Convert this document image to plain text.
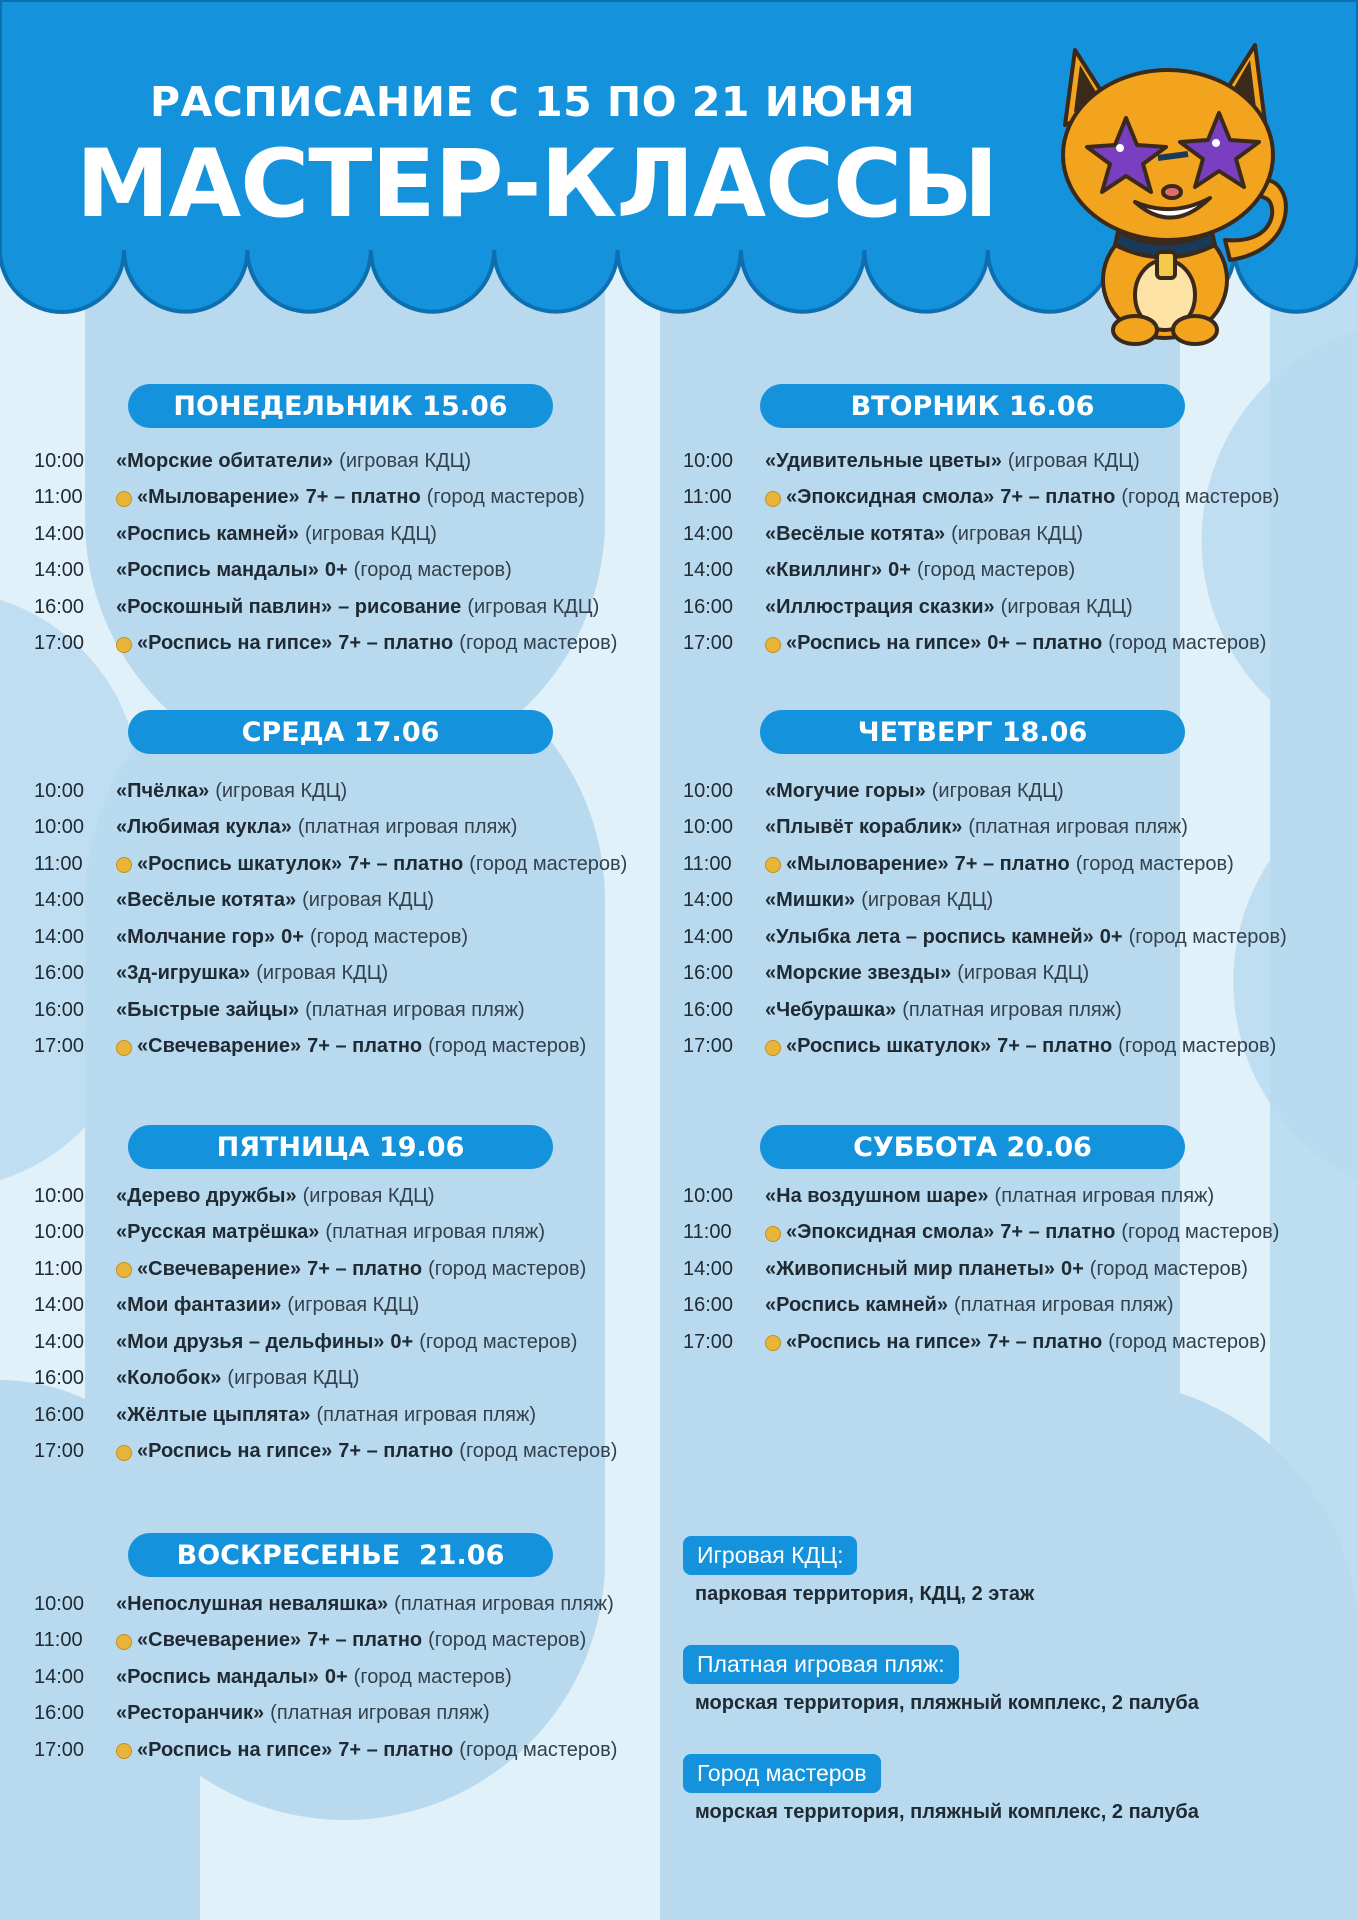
РАСПИСАНИЕ С 15 ПО 21 ИЮНЯ
МАСТЕР-КЛАССЫ
ПОНЕДЕЛЬНИК 15.06
10:00	«Морские обитатели» (игровая КДЦ)
11:00	«Мыловарение» 7+ – платно (город мастеров)
14:00	«Роспись камней» (игровая КДЦ)
14:00	«Роспись мандалы» 0+ (город мастеров)
16:00	«Роскошный павлин» – рисование (игровая КДЦ)
17:00	«Роспись на гипсе» 7+ – платно (город мастеров)
ВТОРНИК 16.06
10:00	«Удивительные цветы» (игровая КДЦ)
11:00	«Эпоксидная смола» 7+ – платно (город мастеров)
14:00	«Весёлые котята» (игровая КДЦ)
14:00	«Квиллинг» 0+ (город мастеров)
16:00	«Иллюстрация сказки» (игровая КДЦ)
17:00	«Роспись на гипсе» 0+ – платно (город мастеров)
СРЕДА 17.06
10:00	«Пчёлка» (игровая КДЦ)
10:00	«Любимая кукла» (платная игровая пляж)
11:00	«Роспись шкатулок» 7+ – платно (город мастеров)
14:00	«Весёлые котята» (игровая КДЦ)
14:00	«Молчание гор» 0+ (город мастеров)
16:00	«3д-игрушка» (игровая КДЦ)
16:00	«Быстрые зайцы» (платная игровая пляж)
17:00	«Свечеварение» 7+ – платно (город мастеров)
ЧЕТВЕРГ 18.06
10:00	«Могучие горы» (игровая КДЦ)
10:00	«Плывёт кораблик» (платная игровая пляж)
11:00	«Мыловарение» 7+ – платно (город мастеров)
14:00	«Мишки» (игровая КДЦ)
14:00	«Улыбка лета – роспись камней» 0+ (город мастеров)
16:00	«Морские звезды» (игровая КДЦ)
16:00	«Чебурашка» (платная игровая пляж)
17:00	«Роспись шкатулок» 7+ – платно (город мастеров)
ПЯТНИЦА 19.06
10:00	«Дерево дружбы» (игровая КДЦ)
10:00	«Русская матрёшка» (платная игровая пляж)
11:00	«Свечеварение» 7+ – платно (город мастеров)
14:00	«Мои фантазии» (игровая КДЦ)
14:00	«Мои друзья – дельфины» 0+ (город мастеров)
16:00	«Колобок» (игровая КДЦ)
16:00	«Жёлтые цыплята» (платная игровая пляж)
17:00	«Роспись на гипсе» 7+ – платно (город мастеров)
СУББОТА 20.06
10:00	«На воздушном шаре» (платная игровая пляж)
11:00	«Эпоксидная смола» 7+ – платно (город мастеров)
14:00	«Живописный мир планеты» 0+ (город мастеров)
16:00	«Роспись камней» (платная игровая пляж)
17:00	«Роспись на гипсе» 7+ – платно (город мастеров)
ВОСКРЕСЕНЬЕ  21.06
10:00	«Непослушная неваляшка» (платная игровая пляж)
11:00	«Свечеварение» 7+ – платно (город мастеров)
14:00	«Роспись мандалы» 0+ (город мастеров)
16:00	«Ресторанчик» (платная игровая пляж)
17:00	«Роспись на гипсе» 7+ – платно (город мастеров)
Игровая КДЦ:
парковая территория, КДЦ, 2 этаж
Платная игровая пляж:
морская территория, пляжный комплекс, 2 палуба
Город мастеров
морская территория, пляжный комплекс, 2 палуба
